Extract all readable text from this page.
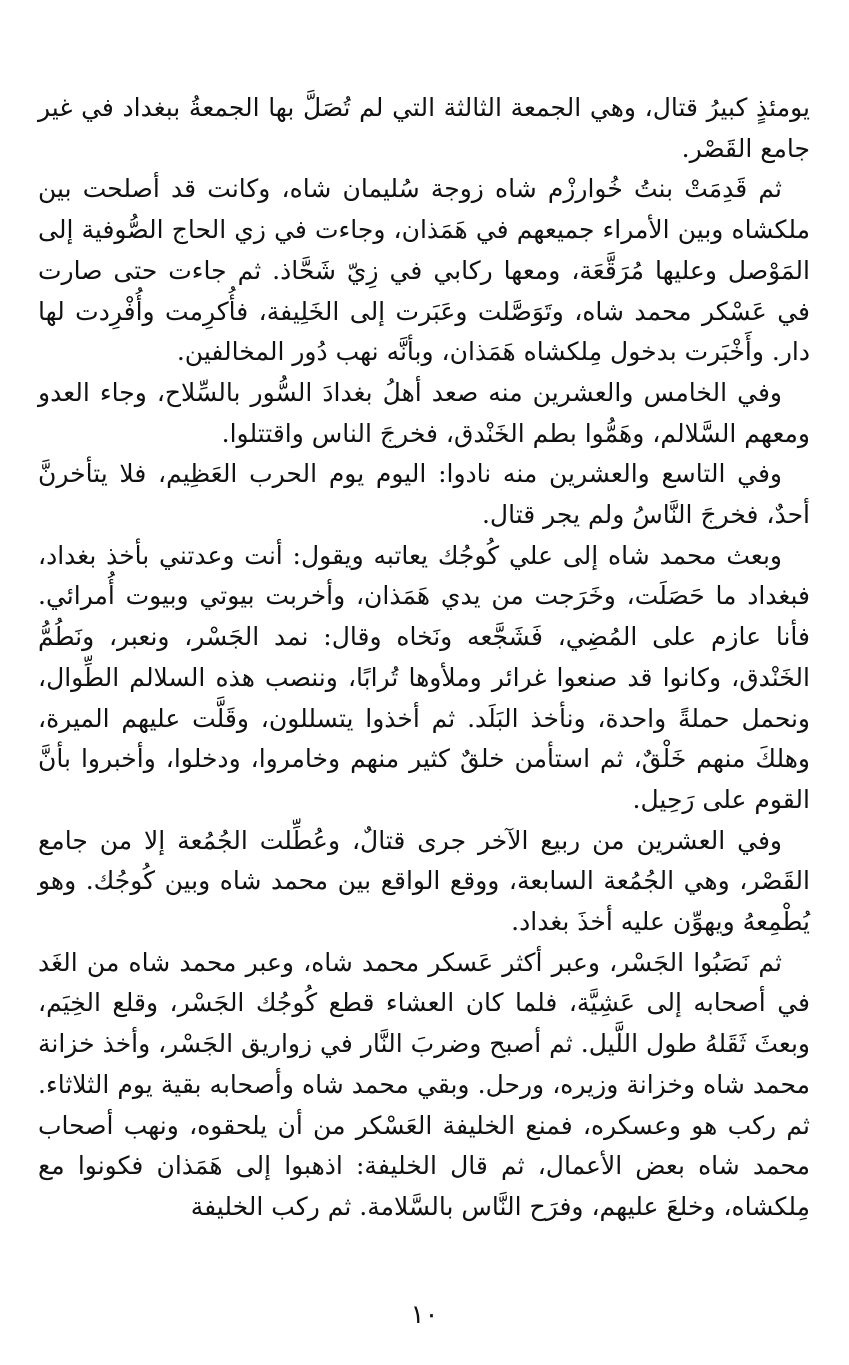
يومئذٍ كبيرُ قتال، وهي الجمعة الثالثة التي لم تُصَلَّ بها الجمعةُ ببغداد في غير جامع القَصْر.

ثم قَدِمَتْ بنتُ خُوارزْم شاه زوجة سُليمان شاه، وكانت قد أصلحت بين ملكشاه وبين الأمراء جميعهم في هَمَذان، وجاءت في زي الحاج الصُّوفية إلى المَوْصل وعليها مُرَقَّعَة، ومعها ركابي في زِيّ شَحَّاذ. ثم جاءت حتى صارت في عَسْكر محمد شاه، وتَوَصَّلت وعَبَرت إلى الخَلِيفة، فأُكرِمت وأُفْرِدت لها دار. وأَخْبَرت بدخول مِلكشاه هَمَذان، وبأنَّه نهب دُور المخالفين.

وفي الخامس والعشرين منه صعد أهلُ بغدادَ السُّور بالسِّلاح، وجاء العدو ومعهم السَّلالم، وهَمُّوا بطم الخَنْدق، فخرجَ الناس واقتتلوا.

وفي التاسع والعشرين منه نادوا: اليوم يوم الحرب العَظِيم، فلا يتأخرنَّ أحدٌ، فخرجَ النَّاسُ ولم يجر قتال.

وبعث محمد شاه إلى علي كُوجُك يعاتبه ويقول: أنت وعدتني بأخذ بغداد، فبغداد ما حَصَلَت، وخَرَجت من يدي هَمَذان، وأخربت بيوتي وبيوت أُمرائي. فأنا عازم على المُضِي، فَشَجَّعه ونَخاه وقال: نمد الجَسْر، ونعبر، ونَطُمُّ الخَنْدق، وكانوا قد صنعوا غرائر وملأوها تُرابًا، وننصب هذه السلالم الطِّوال، ونحمل حملةً واحدة، ونأخذ البَلَد. ثم أخذوا يتسللون، وقَلَّت عليهم الميرة، وهلكَ منهم خَلْقٌ، ثم استأمن خلقٌ كثير منهم وخامروا، ودخلوا، وأخبروا بأنَّ القوم على رَحِيل.

وفي العشرين من ربيع الآخر جرى قتالٌ، وعُطِّلت الجُمُعة إلا من جامع القَصْر، وهي الجُمُعة السابعة، ووقع الواقع بين محمد شاه وبين كُوجُك. وهو يُطْمِعهُ ويهوِّن عليه أخذَ بغداد.

ثم نَصَبُوا الجَسْر، وعبر أكثر عَسكر محمد شاه، وعبر محمد شاه من الغَد في أصحابه إلى عَشِيَّة، فلما كان العشاء قطع كُوجُك الجَسْر، وقلع الخِيَم، وبعثَ ثَقَلهُ طول اللَّيل. ثم أصبح وضربَ النَّار في زواريق الجَسْر، وأخذ خزانة محمد شاه وخزانة وزيره، ورحل. وبقي محمد شاه وأصحابه بقية يوم الثلاثاء. ثم ركب هو وعسكره، فمنع الخليفة العَسْكر من أن يلحقوه، ونهب أصحاب محمد شاه بعض الأعمال، ثم قال الخليفة: اذهبوا إلى هَمَذان فكونوا مع مِلكشاه، وخلعَ عليهم، وفرَح النَّاس بالسَّلامة. ثم ركب الخليفة

١٠
